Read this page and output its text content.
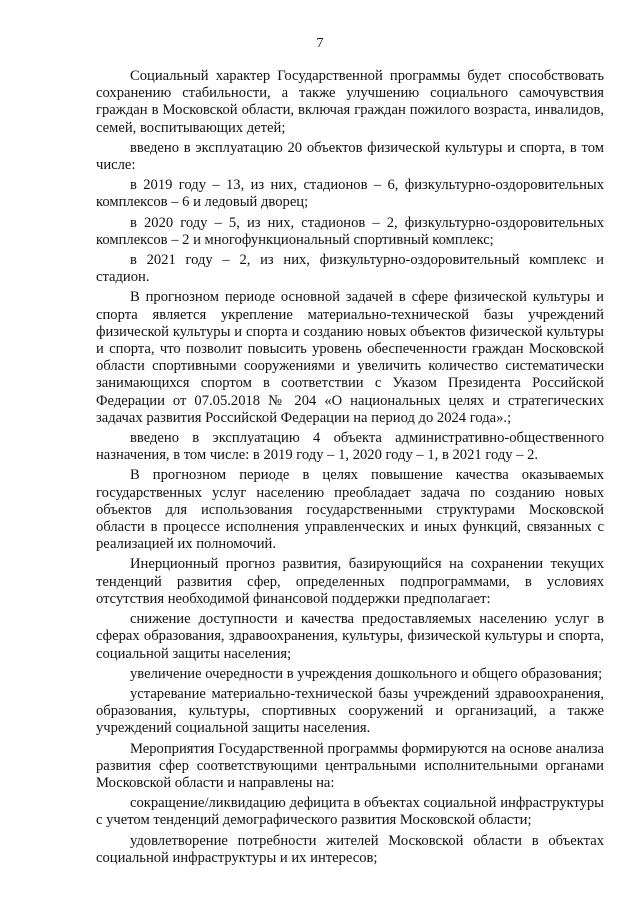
7

Социальный характер Государственной программы будет способствовать сохранению стабильности, а также улучшению социального самочувствия граждан в Московской области, включая граждан пожилого возраста, инвалидов, семей, воспитывающих детей;

введено в эксплуатацию 20 объектов физической культуры и спорта, в том числе:

в 2019 году – 13, из них, стадионов – 6, физкультурно-оздоровительных комплексов – 6 и ледовый дворец;

в 2020 году – 5, из них, стадионов – 2, физкультурно-оздоровительных комплексов – 2 и многофункциональный спортивный комплекс;

в 2021 году – 2, из них, физкультурно-оздоровительный комплекс и стадион.

В прогнозном периоде основной задачей в сфере физической культуры и спорта является укрепление материально-технической базы учреждений физической культуры и спорта и созданию новых объектов физической культуры и спорта, что позволит повысить уровень обеспеченности граждан Московской области спортивными сооружениями и увеличить количество систематически занимающихся спортом в соответствии с Указом Президента Российской Федерации от 07.05.2018 № 204 «О национальных целях и стратегических задачах развития Российской Федерации на период до 2024 года».;

введено в эксплуатацию 4 объекта административно-общественного назначения, в том числе: в 2019 году – 1, 2020 году – 1, в 2021 году – 2.

В прогнозном периоде в целях повышение качества оказываемых государственных услуг населению преобладает задача по созданию новых объектов для использования государственными структурами Московской области в процессе исполнения управленческих и иных функций, связанных с реализацией их полномочий.

Инерционный прогноз развития, базирующийся на сохранении текущих тенденций развития сфер, определенных подпрограммами, в условиях отсутствия необходимой финансовой поддержки предполагает:

снижение доступности и качества предоставляемых населению услуг в сферах образования, здравоохранения, культуры, физической культуры и спорта, социальной защиты населения;

увеличение очередности в учреждения дошкольного и общего образования;

устаревание материально-технической базы учреждений здравоохранения, образования, культуры, спортивных сооружений и организаций, а также учреждений социальной защиты населения.

Мероприятия Государственной программы формируются на основе анализа развития сфер соответствующими центральными исполнительными органами Московской области и направлены на:

сокращение/ликвидацию дефицита в объектах социальной инфраструктуры с учетом тенденций демографического развития Московской области;

удовлетворение потребности жителей Московской области в объектах социальной инфраструктуры и их интересов;
